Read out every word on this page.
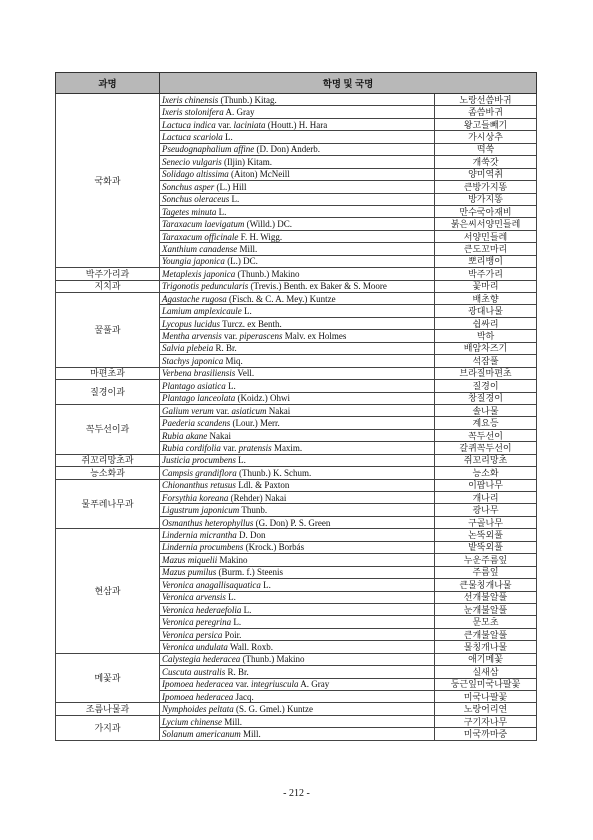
과명	학명 및 국명	
국화과	Ixeris chinensis (Thunb.) Kitag.	노랑선씀바귀
	Ixeris stolonifera A. Gray	좀씀바귀
	Lactuca indica var. laciniata (Houtt.) H. Hara	왕고들빼기
	Lactuca scariola L.	가시상추
	Pseudognaphalium affine (D. Don) Anderb.	떡쑥
	Senecio vulgaris (Iljin) Kitam.	개쑥갓
	Solidago altissima (Aiton) McNeill	양미역취
	Sonchus asper (L.) Hill	큰방가지똥
	Sonchus oleraceus L.	방가지똥
	Tagetes minuta L.	만수국아재비
	Taraxacum laevigatum (Willd.) DC.	붉은씨서양민들레
	Taraxacum officinale F. H. Wigg.	서양민들레
	Xanthium canadense Mill.	큰도꼬마리
	Youngia japonica (L.) DC.	뽀리뱅이
박주가리과	Metaplexis japonica (Thunb.) Makino	박주가리
지치과	Trigonotis peduncularis (Trevis.) Benth. ex Baker & S. Moore	꽃마리
꿀풀과	Agastache rugosa (Fisch. & C. A. Mey.) Kuntze	배초향
	Lamium amplexicaule L.	광대나물
	Lycopus lucidus Turcz. ex Benth.	쉽싸리
	Mentha arvensis var. piperascens Malv. ex Holmes	박하
	Salvia plebeia R. Br.	배암차즈기
	Stachys japonica Miq.	석잠풀
마편초과	Verbena brasiliensis Vell.	브라질마편초
질경이과	Plantago asiatica L.	질경이
	Plantago lanceolata (Koidz.) Ohwi	창질경이
꼭두선이과	Galium verum var. asiaticum Nakai	솔나물
	Paederia scandens (Lour.) Merr.	계요등
	Rubia akane Nakai	꼭두선이
	Rubia cordifolia var. pratensis Maxim.	갈퀴꼭두선이
쥐꼬리망초과	Justicia procumbens L.	쥐꼬리망초
능소화과	Campsis grandiflora (Thunb.) K. Schum.	능소화
물푸레나무과	Chionanthus retusus Ldl. & Paxton	이팝나무
	Forsythia koreana (Rehder) Nakai	개나리
	Ligustrum japonicum Thunb.	광나무
	Osmanthus heterophyllus (G. Don) P. S. Green	구골나무
현삼과	Lindernia micrantha D. Don	논뚝외풀
	Lindernia procumbens (Krock.) Borbás	밭뚝외풀
	Mazus miquelii Makino	누운주름잎
	Mazus pumilus (Burm. f.) Steenis	주름잎
	Veronica anagallisaquatica L.	큰물칭개나물
	Veronica arvensis L.	선개불알풀
	Veronica hederaefolia L.	눈개불알풀
	Veronica peregrina L.	문모초
	Veronica persica Poir.	큰개불알풀
	Veronica undulata Wall. Roxb.	물칭개나물
메꽃과	Calystegia hederacea (Thunb.) Makino	애기메꽃
	Cuscuta australis R. Br.	실새삼
	Ipomoea hederacea var. integriuscula A. Gray	둥근잎미국나팔꽃
	Ipomoea hederacea Jacq.	미국나팔꽃
조름나물과	Nymphoides peltata (S. G. Gmel.) Kuntze	노랑어리연
가지과	Lycium chinense Mill.	구기자나무
	Solanum americanum Mill.	미국까마중
- 212 -
